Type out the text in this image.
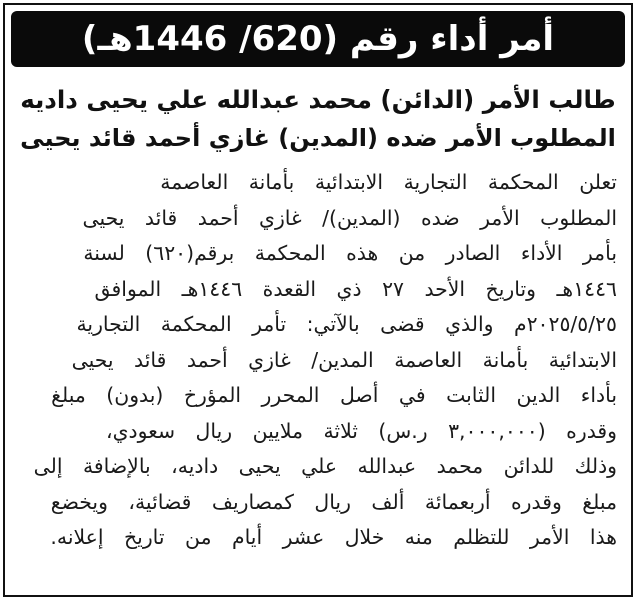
أمر أداء رقم (620/ 1446هـ)
طالب الأمر (الدائن) محمد عبدالله علي يحيى داديه
المطلوب الأمر ضده (المدين) غازي أحمد قائد يحيى
تعلن المحكمة التجارية الابتدائية بأمانة العاصمة
المطلوب الأمر ضده (المدين)/ غازي أحمد قائد يحيى
بأمر الأداء الصادر من هذه المحكمة برقم(٦٢٠) لسنة
١٤٤٦هـ وتاريخ الأحد ٢٧ ذي القعدة ١٤٤٦هـ الموافق
٢٠٢٥/٥/٢٥م والذي قضى بالآتي: تأمر المحكمة التجارية
الابتدائية بأمانة العاصمة المدين/ غازي أحمد قائد يحيى
بأداء الدين الثابت في أصل المحرر المؤرخ (بدون) مبلغ
وقدره (٣,٠٠٠,٠٠٠ ر.س) ثلاثة ملايين ريال سعودي،
وذلك للدائن محمد عبدالله علي يحيى داديه، بالإضافة إلى
مبلغ وقدره أربعمائة ألف ريال كمصاريف قضائية، ويخضع
هذا الأمر للتظلم منه خلال عشر أيام من تاريخ إعلانه.
